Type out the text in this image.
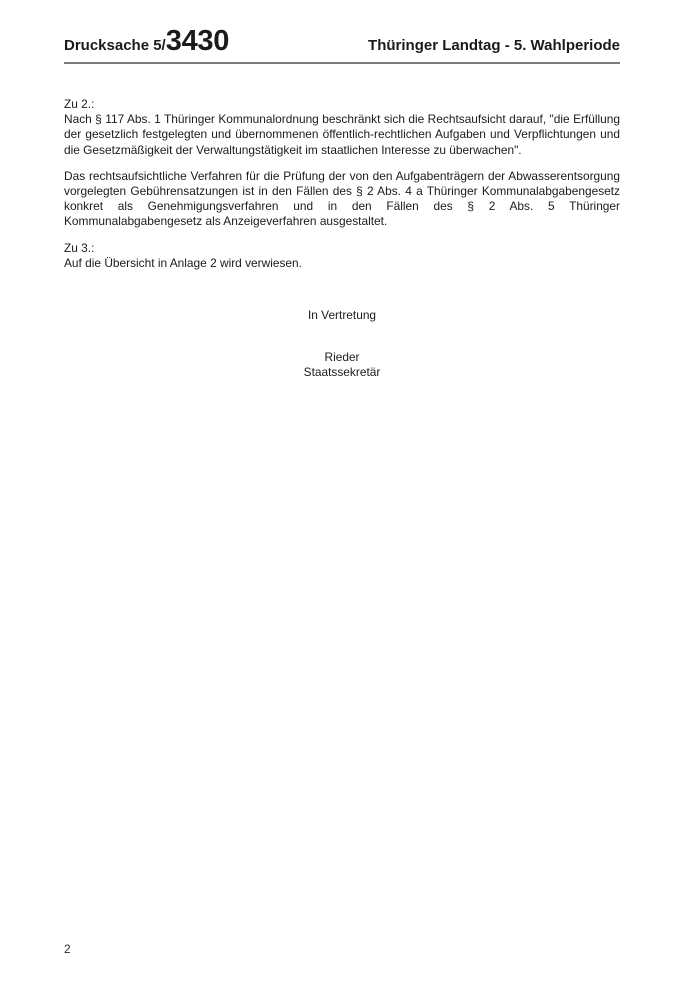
Drucksache 5/3430	Thüringer Landtag - 5. Wahlperiode
Zu 2.:

Nach § 117 Abs. 1 Thüringer Kommunalordnung beschränkt sich die Rechtsaufsicht darauf, "die Erfüllung der gesetzlich festgelegten und übernommenen öffentlich-rechtlichen Aufgaben und Verpflichtungen und die Gesetzmäßigkeit der Verwaltungstätigkeit im staatlichen Interesse zu überwachen".

Das rechtsaufsichtliche Verfahren für die Prüfung der von den Aufgabenträgern der Abwasserentsorgung vorgelegten Gebührensatzungen ist in den Fällen des § 2 Abs. 4 a Thüringer Kommunalabgabengesetz konkret als Genehmigungsverfahren und in den Fällen des § 2 Abs. 5 Thüringer Kommunalabgabengesetz als Anzeigeverfahren ausgestaltet.

Zu 3.:

Auf die Übersicht in Anlage 2 wird verwiesen.

In Vertretung

Rieder

Staatssekretär

2
